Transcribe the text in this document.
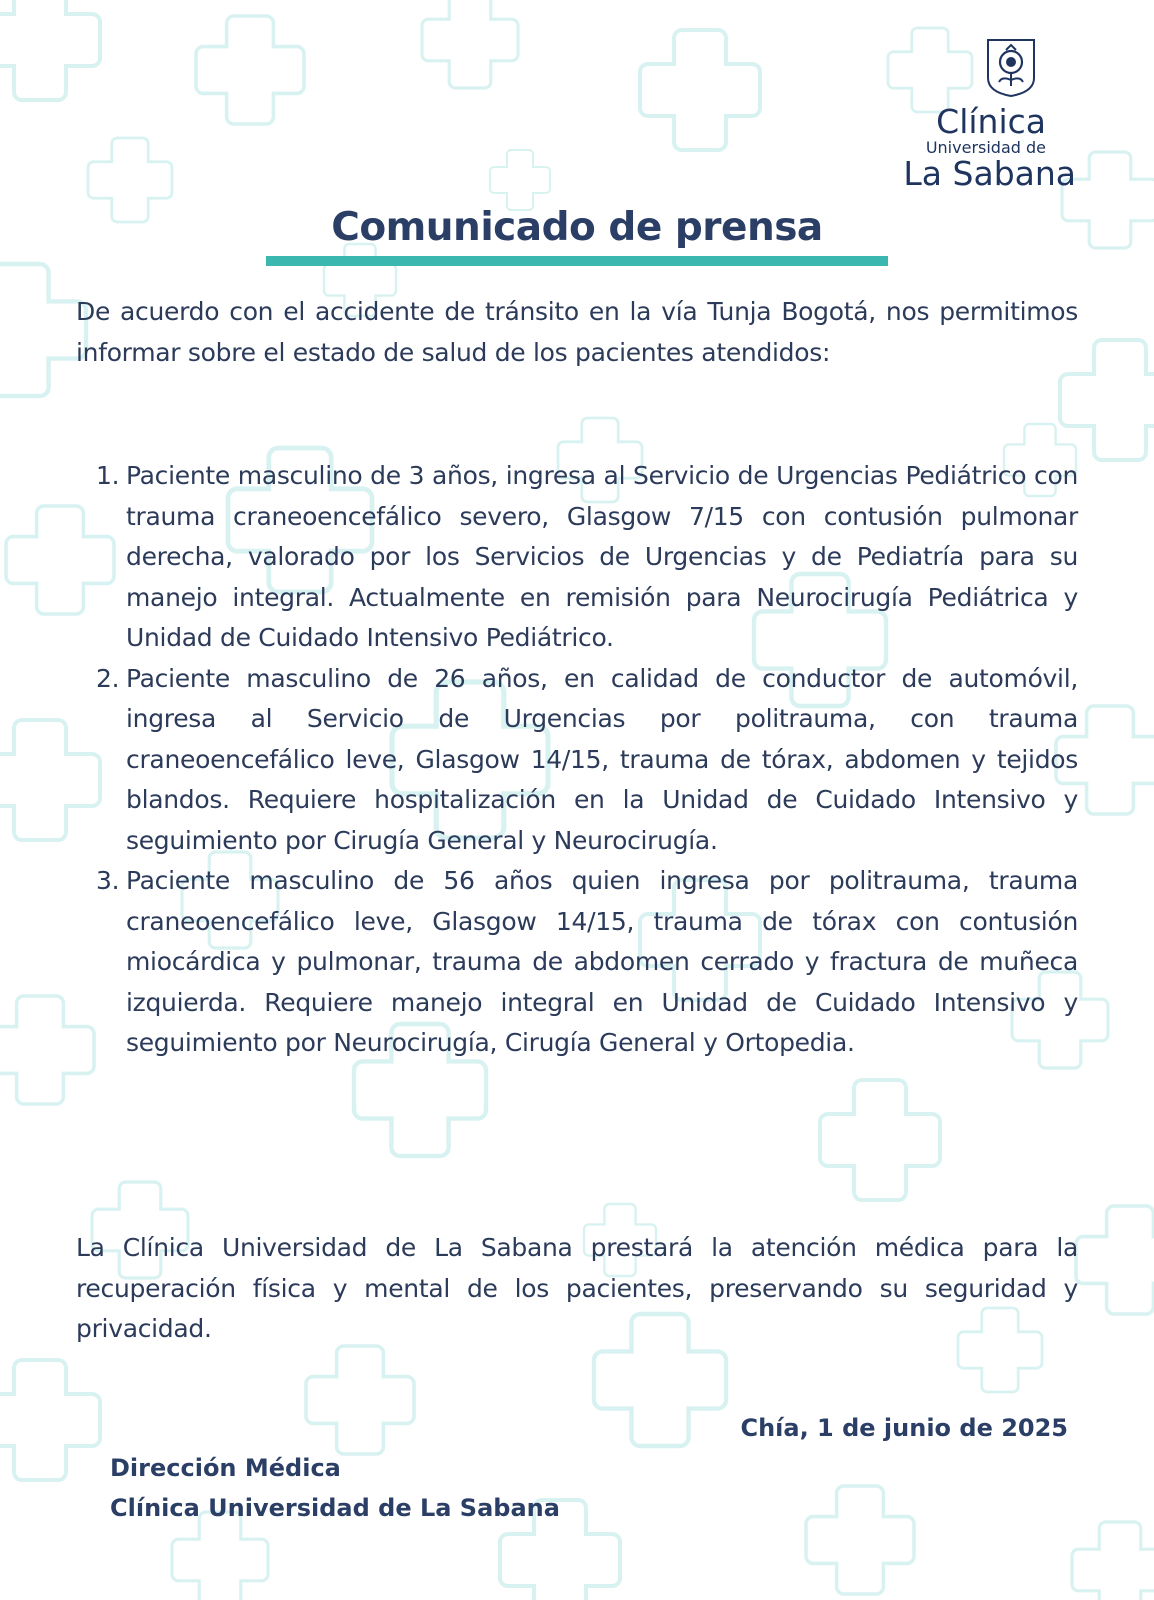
Clínica
Universidad de
La Sabana
Comunicado de prensa
De acuerdo con el accidente de tránsito en la vía Tunja Bogotá, nos permitimos informar sobre el estado de salud de los pacientes atendidos:
1. Paciente masculino de 3 años, ingresa al Servicio de Urgencias Pediátrico con trauma craneoencefálico severo, Glasgow 7/15 con contusión pulmonar derecha, valorado por los Servicios de Urgencias y de Pediatría para su manejo integral. Actualmente en remisión para Neurocirugía Pediátrica y Unidad de Cuidado Intensivo Pediátrico.
2. Paciente masculino de 26 años, en calidad de conductor de automóvil, ingresa al Servicio de Urgencias por politrauma, con trauma craneoencefálico leve, Glasgow 14/15, trauma de tórax, abdomen y tejidos blandos. Requiere hospitalización en la Unidad de Cuidado Intensivo y seguimiento por Cirugía General y Neurocirugía.
3. Paciente masculino de 56 años quien ingresa por politrauma, trauma craneoencefálico leve, Glasgow 14/15, trauma de tórax con contusión miocárdica y pulmonar, trauma de abdomen cerrado y fractura de muñeca izquierda. Requiere manejo integral en Unidad de Cuidado Intensivo y seguimiento por Neurocirugía, Cirugía General y Ortopedia.
La Clínica Universidad de La Sabana prestará la atención médica para la recuperación física y mental de los pacientes, preservando su seguridad y privacidad.
Chía, 1 de junio de 2025
Dirección Médica
Clínica Universidad de La Sabana
